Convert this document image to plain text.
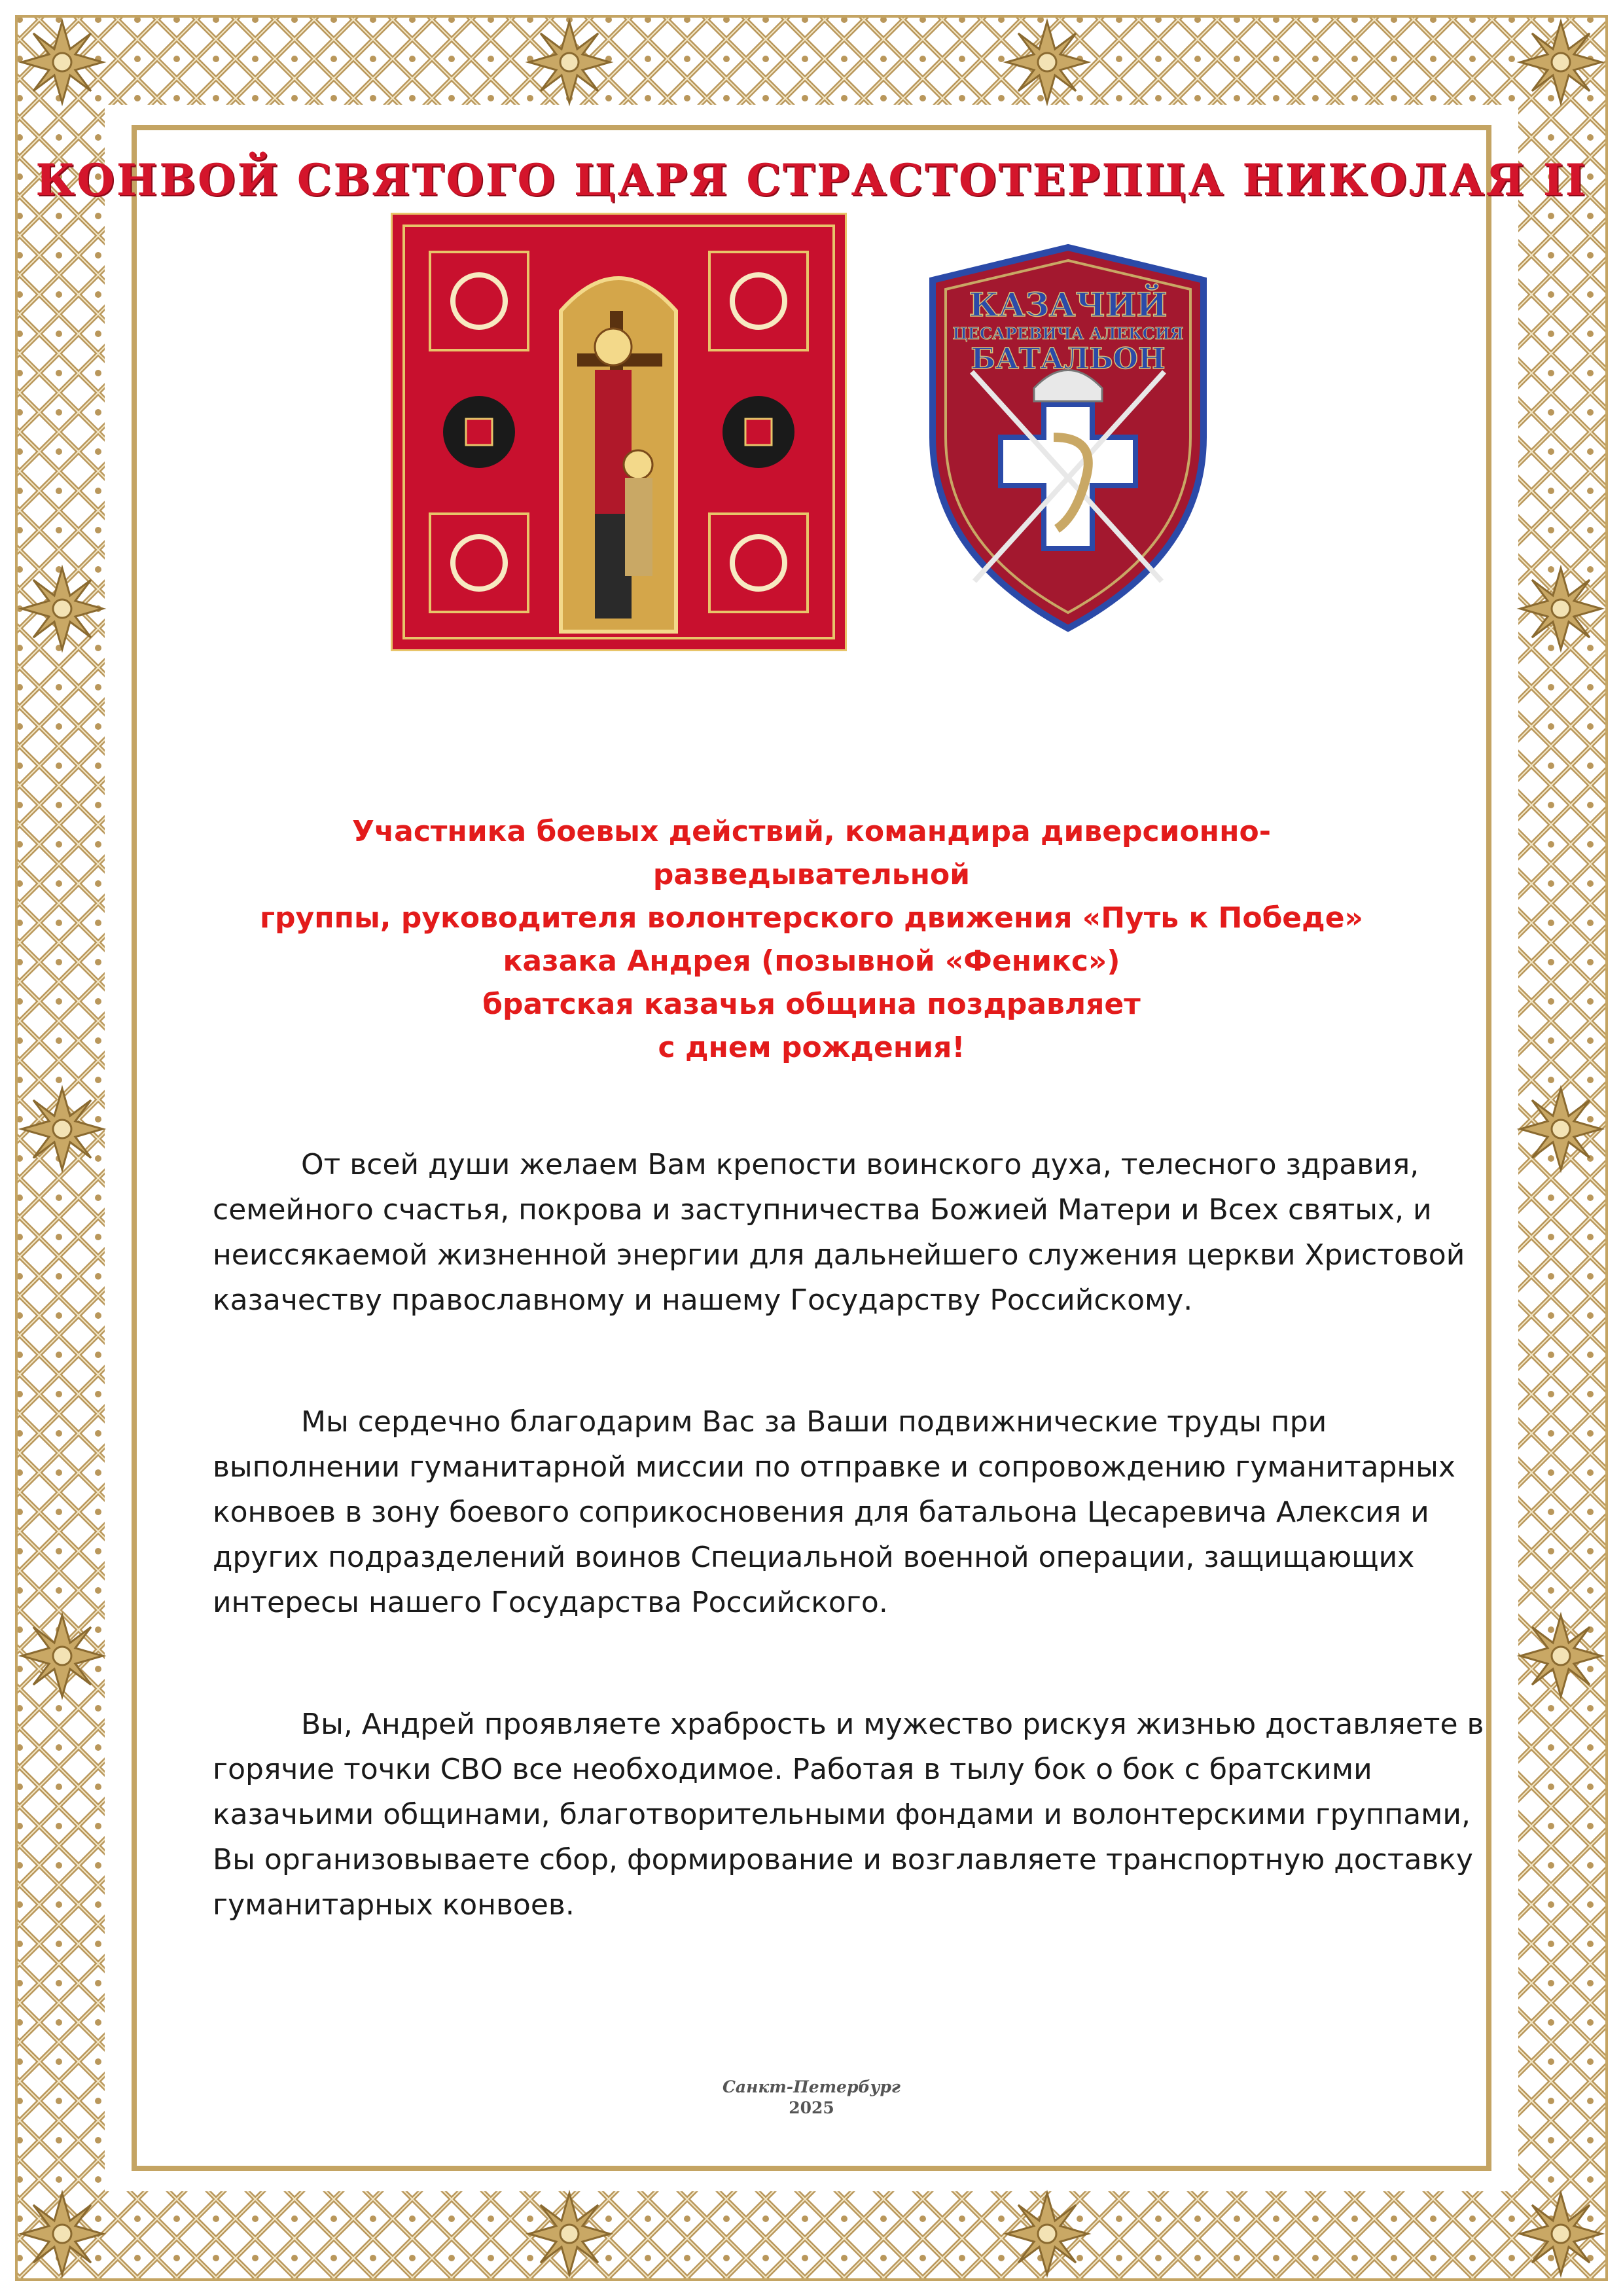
КОНВОЙ СВЯТОГО ЦАРЯ СТРАСТОТЕРПЦА НИКОЛАЯ II
КАЗАЧИЙ
ЦЕСАРЕВИЧА АЛЕКСИЯ
БАТАЛЬОН
Участника боевых действий, командира диверсионно-разведывательной
группы, руководителя волонтерского движения «Путь к Победе»
казака Андрея (позывной «Феникс»)
братская казачья община поздравляет
с днем рождения!
От всей души желаем Вам крепости воинского духа, телесного здравия, семейного счастья, покрова и заступничества Божией Матери и Всех святых, и неиссякаемой жизненной энергии для дальнейшего служения церкви Христовой казачеству православному и нашему Государству Российскому.
Мы сердечно благодарим Вас за Ваши подвижнические труды при выполнении гуманитарной миссии по отправке и сопровождению гуманитарных конвоев в зону боевого соприкосновения для батальона Цесаревича Алексия и других подразделений воинов Специальной военной операции, защищающих интересы нашего Государства Российского.
Вы, Андрей проявляете храбрость и мужество рискуя жизнью доставляете в горячие точки СВО все необходимое. Работая в тылу бок о бок с братскими казачьими общинами, благотворительными фондами и волонтерскими группами, Вы организовываете сбор, формирование и возглавляете транспортную доставку гуманитарных конвоев.
Санкт-Петербург
2025
